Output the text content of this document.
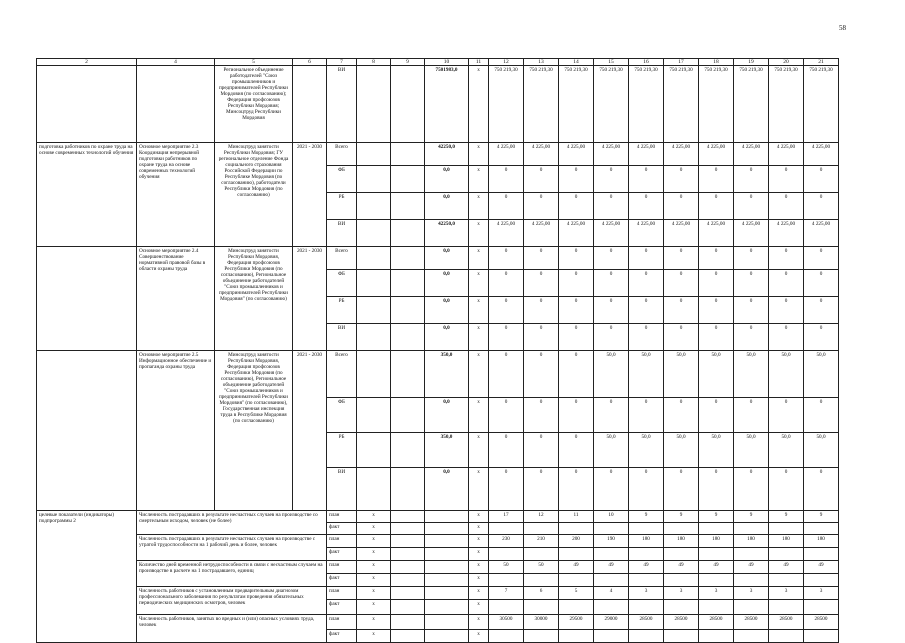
58
2	4	5	6	7	8	9	10	11	12	13	14	15	16	17	18	19	20	21
		Региональное объединение работодателей "Союз промышленников и предпринимателей Республики Мордовия (по согласованию); Федерация профсоюзов Республики Мордовия; Минсоцтруд Республики Мордовия		ВИ			7501983,0	x	750 219,30	750 219,30	750 219,30	750 219,30	750 219,30	750 219,30	750 219,30	750 219,30	750 219,30	750 219,30
подготовка работников по охране труда на основе современных технологий обучения	Основное мероприятие 2.3 Координация непрерывной подготовки работников по охране труда на основе современных технологий обучения	Минсоцтруд занятости Республики Мордовия; ГУ региональное отделение Фонда социального страхования Российской Федерации по Республике Мордовия (по согласованию), работодатели Республики Мордовия (по согласованию)	2021 - 2030	Всего			42250,0	x	4 225,00	4 225,00	4 225,00	4 225,00	4 225,00	4 225,00	4 225,00	4 225,00	4 225,00	4 225,00
				ФБ			0,0	x	0	0	0	0	0	0	0	0	0	0
				РБ			0,0	x	0	0	0	0	0	0	0	0	0	0
				ВИ			42250,0	x	4 225,00	4 225,00	4 225,00	4 225,00	4 225,00	4 225,00	4 225,00	4 225,00	4 225,00	4 225,00
	Основное мероприятие 2.4 Совершенствование нормативной правовой базы в области охраны труда	Минсоцтруд занятости Республики Мордовия, Федерация профсоюзов Республики Мордовия (по согласованию), Региональное объединение работодателей "Союз промышленников и предпринимателей Республики Мордовия" (по согласованию)	2021 - 2030	Всего			0,0	x	0	0	0	0	0	0	0	0	0	0
				ФБ			0,0	x	0	0	0	0	0	0	0	0	0	0
				РБ			0,0	x	0	0	0	0	0	0	0	0	0	0
				ВИ			0,0	x	0	0	0	0	0	0	0	0	0	0
	Основное мероприятие 2.5 Информационное обеспечение и пропаганда охраны труда	Минсоцтруд занятости Республики Мордовия, Федерация профсоюзов Республики Мордовия (по согласованию), Региональное объединение работодателей "Союз промышленников и предпринимателей Республики Мордовия" (по согласованию), Государственная инспекция труда в Республике Мордовия (по согласованию)	2021 - 2030	Всего			350,0	x	0	0	0	50,0	50,0	50,0	50,0	50,0	50,0	50,0
				ФБ			0,0	x	0	0	0	0	0	0	0	0	0	0
				РБ			350,0	x	0	0	0	50,0	50,0	50,0	50,0	50,0	50,0	50,0
				ВИ			0,0	x	0	0	0	0	0	0	0	0	0	0
целевые показатели (индикаторы) подпрограммы 2	Численность пострадавших в результате несчастных случаев на производстве со смертельным исходом, человек (не более)			план	x			x	17	12	11	10	9	9	9	9	9	9
				факт	x			x										
	Численность пострадавших в результате несчастных случаев на производстве с утратой трудоспособности на 1 рабочий день и более, человек			план	x			x	230	210	200	190	180	180	180	180	180	180
				факт	x			x										
	Количество дней временной нетрудоспособности в связи с несчастным случаем на производстве в расчете на 1 пострадавшего, единиц			план	x			x	50	50	49	49	49	49	49	49	49	49
				факт	x			x										
	Численность работников с установленным предварительным диагнозом профессионального заболевания по результатам проведения обязательных периодических медицинских осмотров, человек			план	x			x	7	6	5	4	3	3	3	3	3	3
				факт	x			x										
	Численность работников, занятых во вредных и (или) опасных условиях труда, человек			план	x			x	30500	30000	29500	29000	28500	28500	28500	28500	28500	28500
				факт	x			x										
